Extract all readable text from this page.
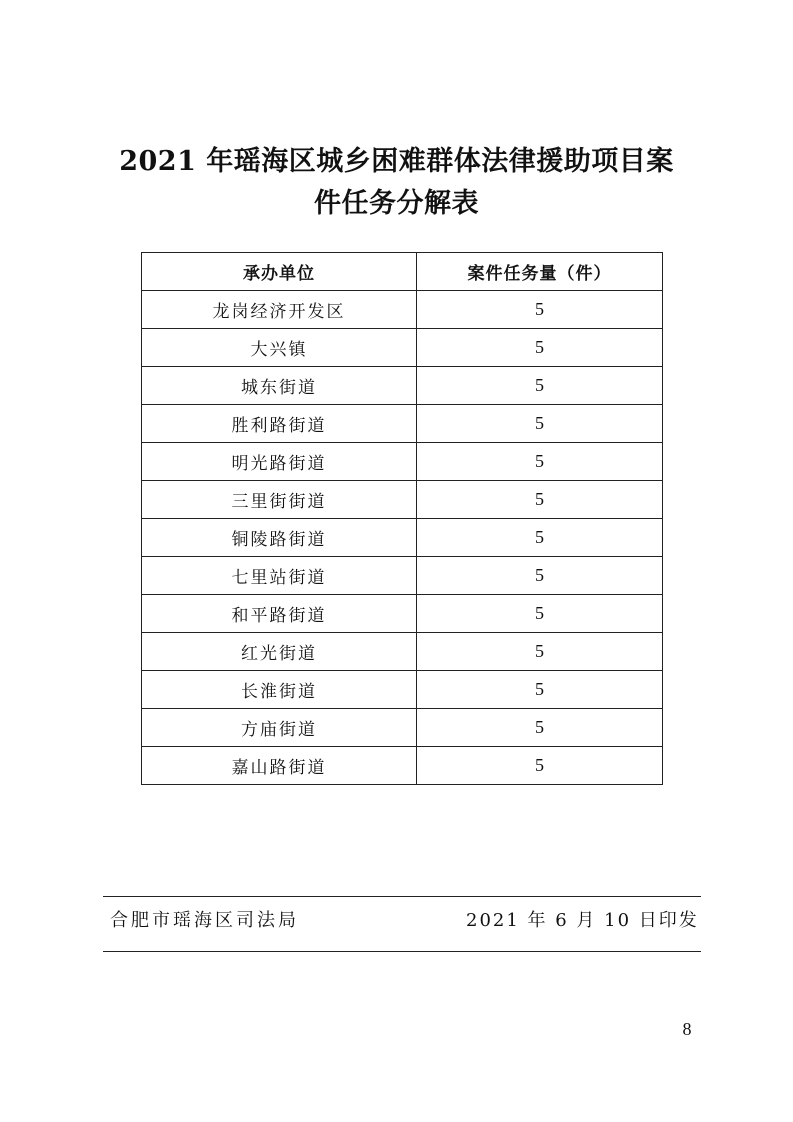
2021 年瑶海区城乡困难群体法律援助项目案
件任务分解表
承办单位	案件任务量（件）
龙岗经济开发区	5
大兴镇	5
城东街道	5
胜利路街道	5
明光路街道	5
三里街街道	5
铜陵路街道	5
七里站街道	5
和平路街道	5
红光街道	5
长淮街道	5
方庙街道	5
嘉山路街道	5
合肥市瑶海区司法局	2021 年 6 月 10 日印发
8
